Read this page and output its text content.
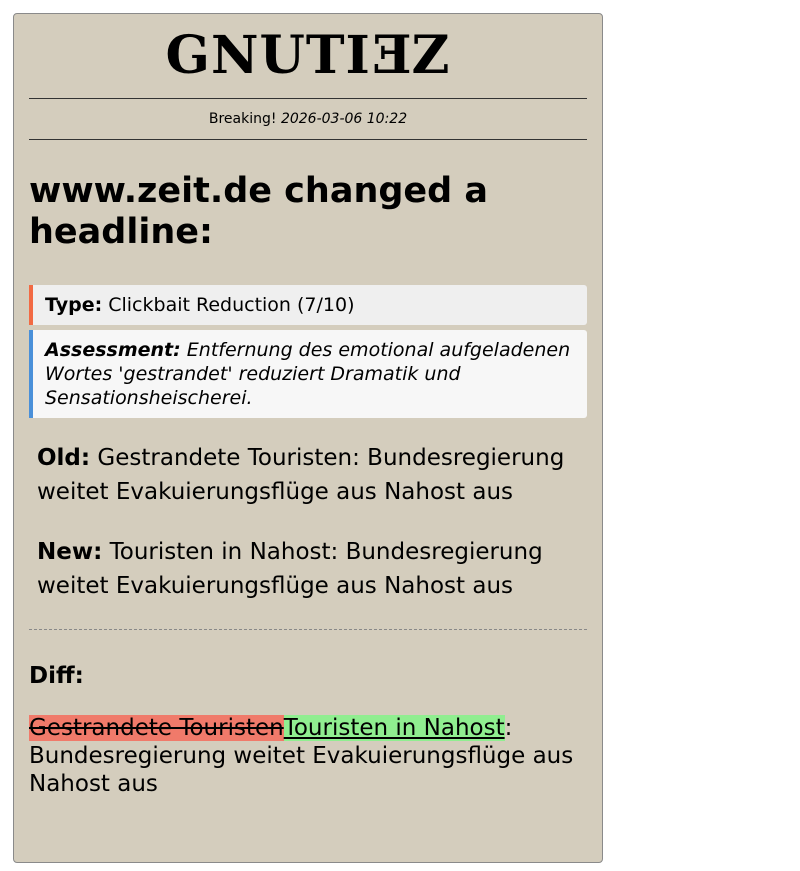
GNUTIEZ
Breaking! 2026-03-06 10:22
www.zeit.de changed a headline:
Type: Clickbait Reduction (7/10)
Assessment: Entfernung des emotional aufgeladenen Wortes 'gestrandet' reduziert Dramatik und Sensationsheischerei.
Old: Gestrandete Touristen: Bundesregierung weitet Evakuierungsflüge aus Nahost aus
New: Touristen in Nahost: Bundesregierung weitet Evakuierungsflüge aus Nahost aus
Diff:
Gestrandete TouristenTouristen in Nahost: Bundesregierung weitet Evakuierungsflüge aus Nahost aus
